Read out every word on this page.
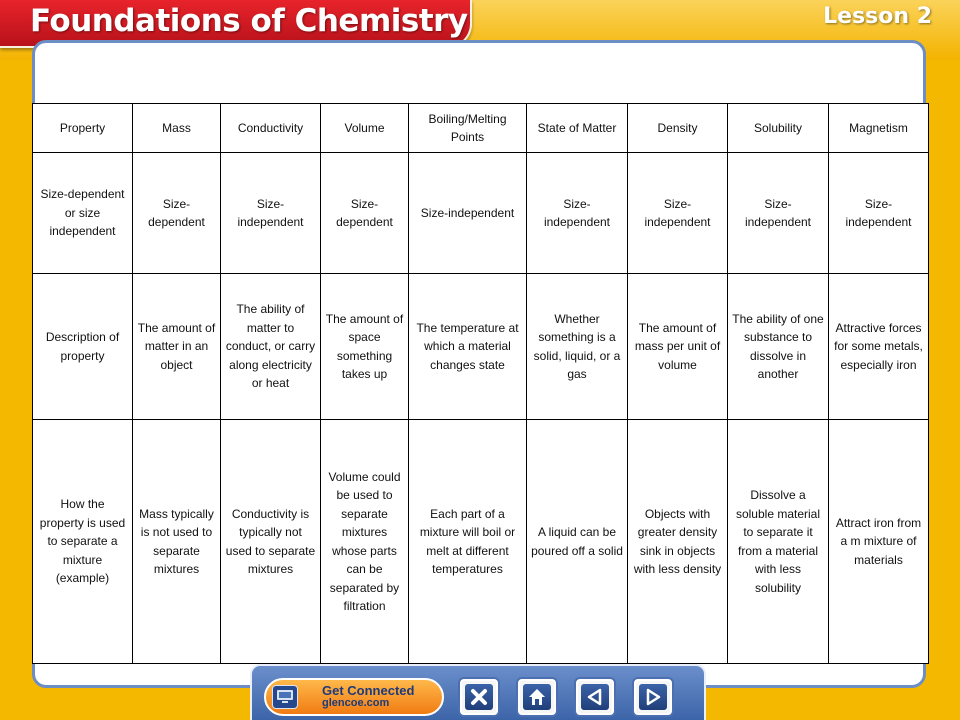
Foundations of Chemistry	Lesson 2
Property	Mass	Conductivity	Volume	Boiling/Melting Points	State of Matter	Density	Solubility	Magnetism
Size-dependent or size independent	Size-dependent	Size-independent	Size-dependent	Size-independent	Size-independent	Size-independent	Size-independent	Size-independent
Description of property	The amount of matter in an object	The ability of matter to conduct, or carry along electricity or heat	The amount of space something takes up	The temperature at which a material changes state	Whether something is a solid, liquid, or a gas	The amount of mass per unit of volume	The ability of one substance to dissolve in another	Attractive forces for some metals, especially iron
How the property is used to separate a mixture (example)	Mass typically is not used to separate mixtures	Conductivity is typically not used to separate mixtures	Volume could be used to separate mixtures whose parts can be separated by filtration	Each part of a mixture will boil or melt at different temperatures	A liquid can be poured off a solid	Objects with greater density sink in objects with less density	Dissolve a soluble material to separate it from a material with less solubility	Attract iron from a m mixture of materials
Get Connected
glencoe.com
